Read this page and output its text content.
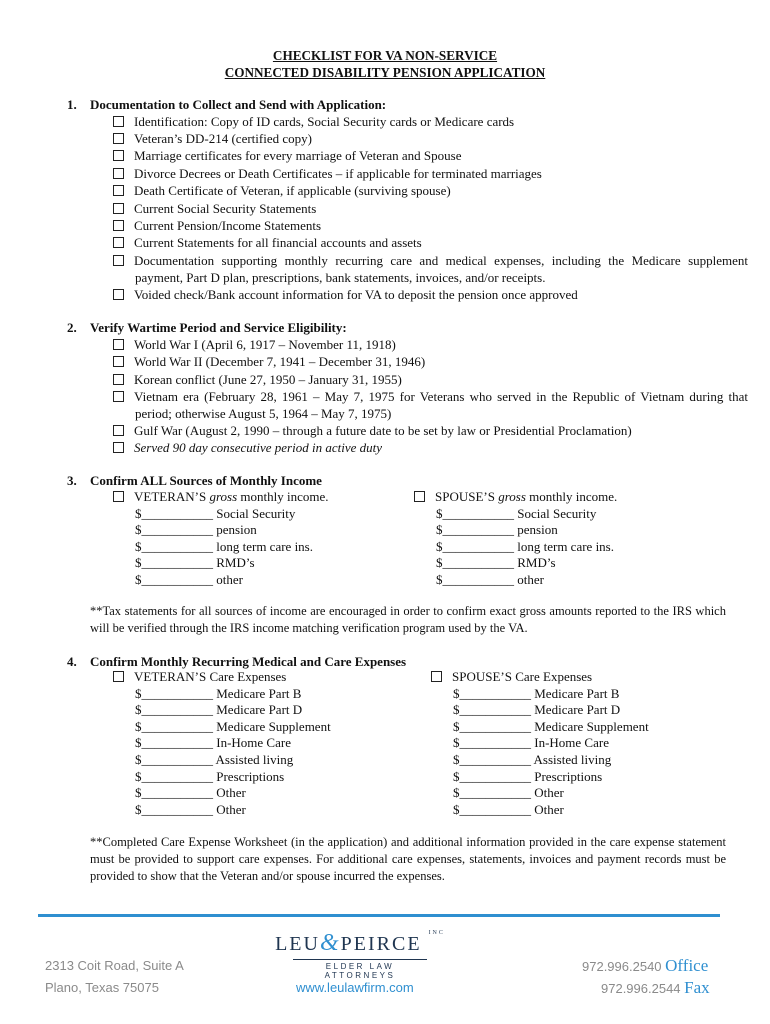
CHECKLIST FOR VA NON-SERVICE
CONNECTED DISABILITY PENSION APPLICATION
1. Documentation to Collect and Send with Application:
Identification: Copy of ID cards, Social Security cards or Medicare cards
Veteran’s DD-214 (certified copy)
Marriage certificates for every marriage of Veteran and Spouse
Divorce Decrees or Death Certificates – if applicable for terminated marriages
Death Certificate of Veteran, if applicable (surviving spouse)
Current Social Security Statements
Current Pension/Income Statements
Current Statements for all financial accounts and assets
Documentation supporting monthly recurring care and medical expenses, including the Medicare supplement payment, Part D plan, prescriptions, bank statements, invoices, and/or receipts.
Voided check/Bank account information for VA to deposit the pension once approved
2. Verify Wartime Period and Service Eligibility:
World War I (April 6, 1917 – November 11, 1918)
World War II (December 7, 1941 – December 31, 1946)
Korean conflict (June 27, 1950 – January 31, 1955)
Vietnam era (February 28, 1961 – May 7, 1975 for Veterans who served in the Republic of Vietnam during that period; otherwise August 5, 1964 – May 7, 1975)
Gulf War (August 2, 1990 – through a future date to be set by law or Presidential Proclamation)
Served 90 day consecutive period in active duty
3. Confirm ALL Sources of Monthly Income
VETERAN’S gross monthly income.
$___________ Social Security
$___________ pension
$___________ long term care ins.
$___________ RMD’s
$___________ other
SPOUSE’S gross monthly income.
$___________ Social Security
$___________ pension
$___________ long term care ins.
$___________ RMD’s
$___________ other
**Tax statements for all sources of income are encouraged in order to confirm exact gross amounts reported to the IRS which will be verified through the IRS income matching verification program used by the VA.
4. Confirm Monthly Recurring Medical and Care Expenses
VETERAN’S Care Expenses
$___________ Medicare Part B
$___________ Medicare Part D
$___________ Medicare Supplement
$___________ In-Home Care
$___________ Assisted living
$___________ Prescriptions
$___________ Other
$___________ Other
SPOUSE’S Care Expenses
$___________ Medicare Part B
$___________ Medicare Part D
$___________ Medicare Supplement
$___________ In-Home Care
$___________ Assisted living
$___________ Prescriptions
$___________ Other
$___________ Other
**Completed Care Expense Worksheet (in the application) and additional information provided in the care expense statement must be provided to support care expenses. For additional care expenses, statements, invoices and payment records must be provided to show that the Veteran and/or spouse incurred the expenses.
2313 Coit Road, Suite A
Plano, Texas 75075
LEU&PEIRCE $^{INC}$
ELDER LAW ATTORNEYS
www.leulawfirm.com
972.996.2540 Office
972.996.2544 Fax
